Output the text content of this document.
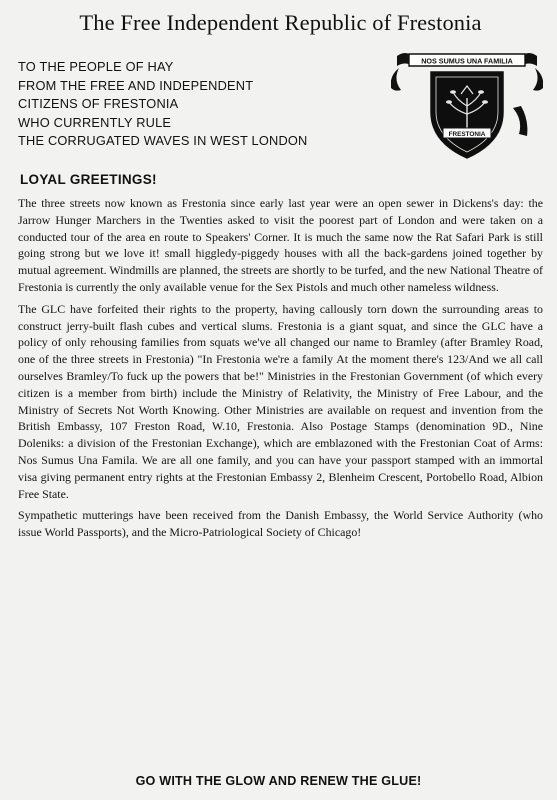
The Free Independent Republic of Frestonia
TO THE PEOPLE OF HAY
FROM THE FREE AND INDEPENDENT
CITIZENS OF FRESTONIA
WHO CURRENTLY RULE
THE CORRUGATED WAVES IN WEST LONDON
NOS SUMUS UNA FAMILIA
FRESTONIA
LOYAL GREETINGS!

The three streets now known as Frestonia since early last year were an open sewer in Dickens's day: the Jarrow Hunger Marchers in the Twenties asked to visit the poorest part of London and were taken on a conducted tour of the area en route to Speakers' Corner. It is much the same now the Rat Safari Park is still going strong but we love it! small higgledy-piggedy houses with all the back-gardens joined together by mutual agreement. Windmills are planned, the streets are shortly to be turfed, and the new National Theatre of Frestonia is currently the only available venue for the Sex Pistols and much other nameless wildness.

The GLC have forfeited their rights to the property, having callously torn down the surrounding areas to construct jerry-built flash cubes and vertical slums. Frestonia is a giant squat, and since the GLC have a policy of only rehousing families from squats we've all changed our name to Bramley (after Bramley Road, one of the three streets in Frestonia) "In Frestonia we're a family At the moment there's 123/And we all call ourselves Bramley/To fuck up the powers that be!" Ministries in the Frestonian Government (of which every citizen is a member from birth) include the Ministry of Relativity, the Ministry of Free Labour, and the Ministry of Secrets Not Worth Knowing. Other Ministries are available on request and invention from the British Embassy, 107 Freston Road, W.10, Frestonia. Also Postage Stamps (denomination 9D., Nine Doleniks: a division of the Frestonian Exchange), which are emblazoned with the Frestonian Coat of Arms: Nos Sumus Una Famila. We are all one family, and you can have your passport stamped with an immortal visa giving permanent entry rights at the Frestonian Embassy 2, Blenheim Crescent, Portobello Road, Albion Free State.

Sympathetic mutterings have been received from the Danish Embassy, the World Service Authority (who issue World Passports), and the Micro-Patriological Society of Chicago!

GO WITH THE GLOW AND RENEW THE GLUE!
